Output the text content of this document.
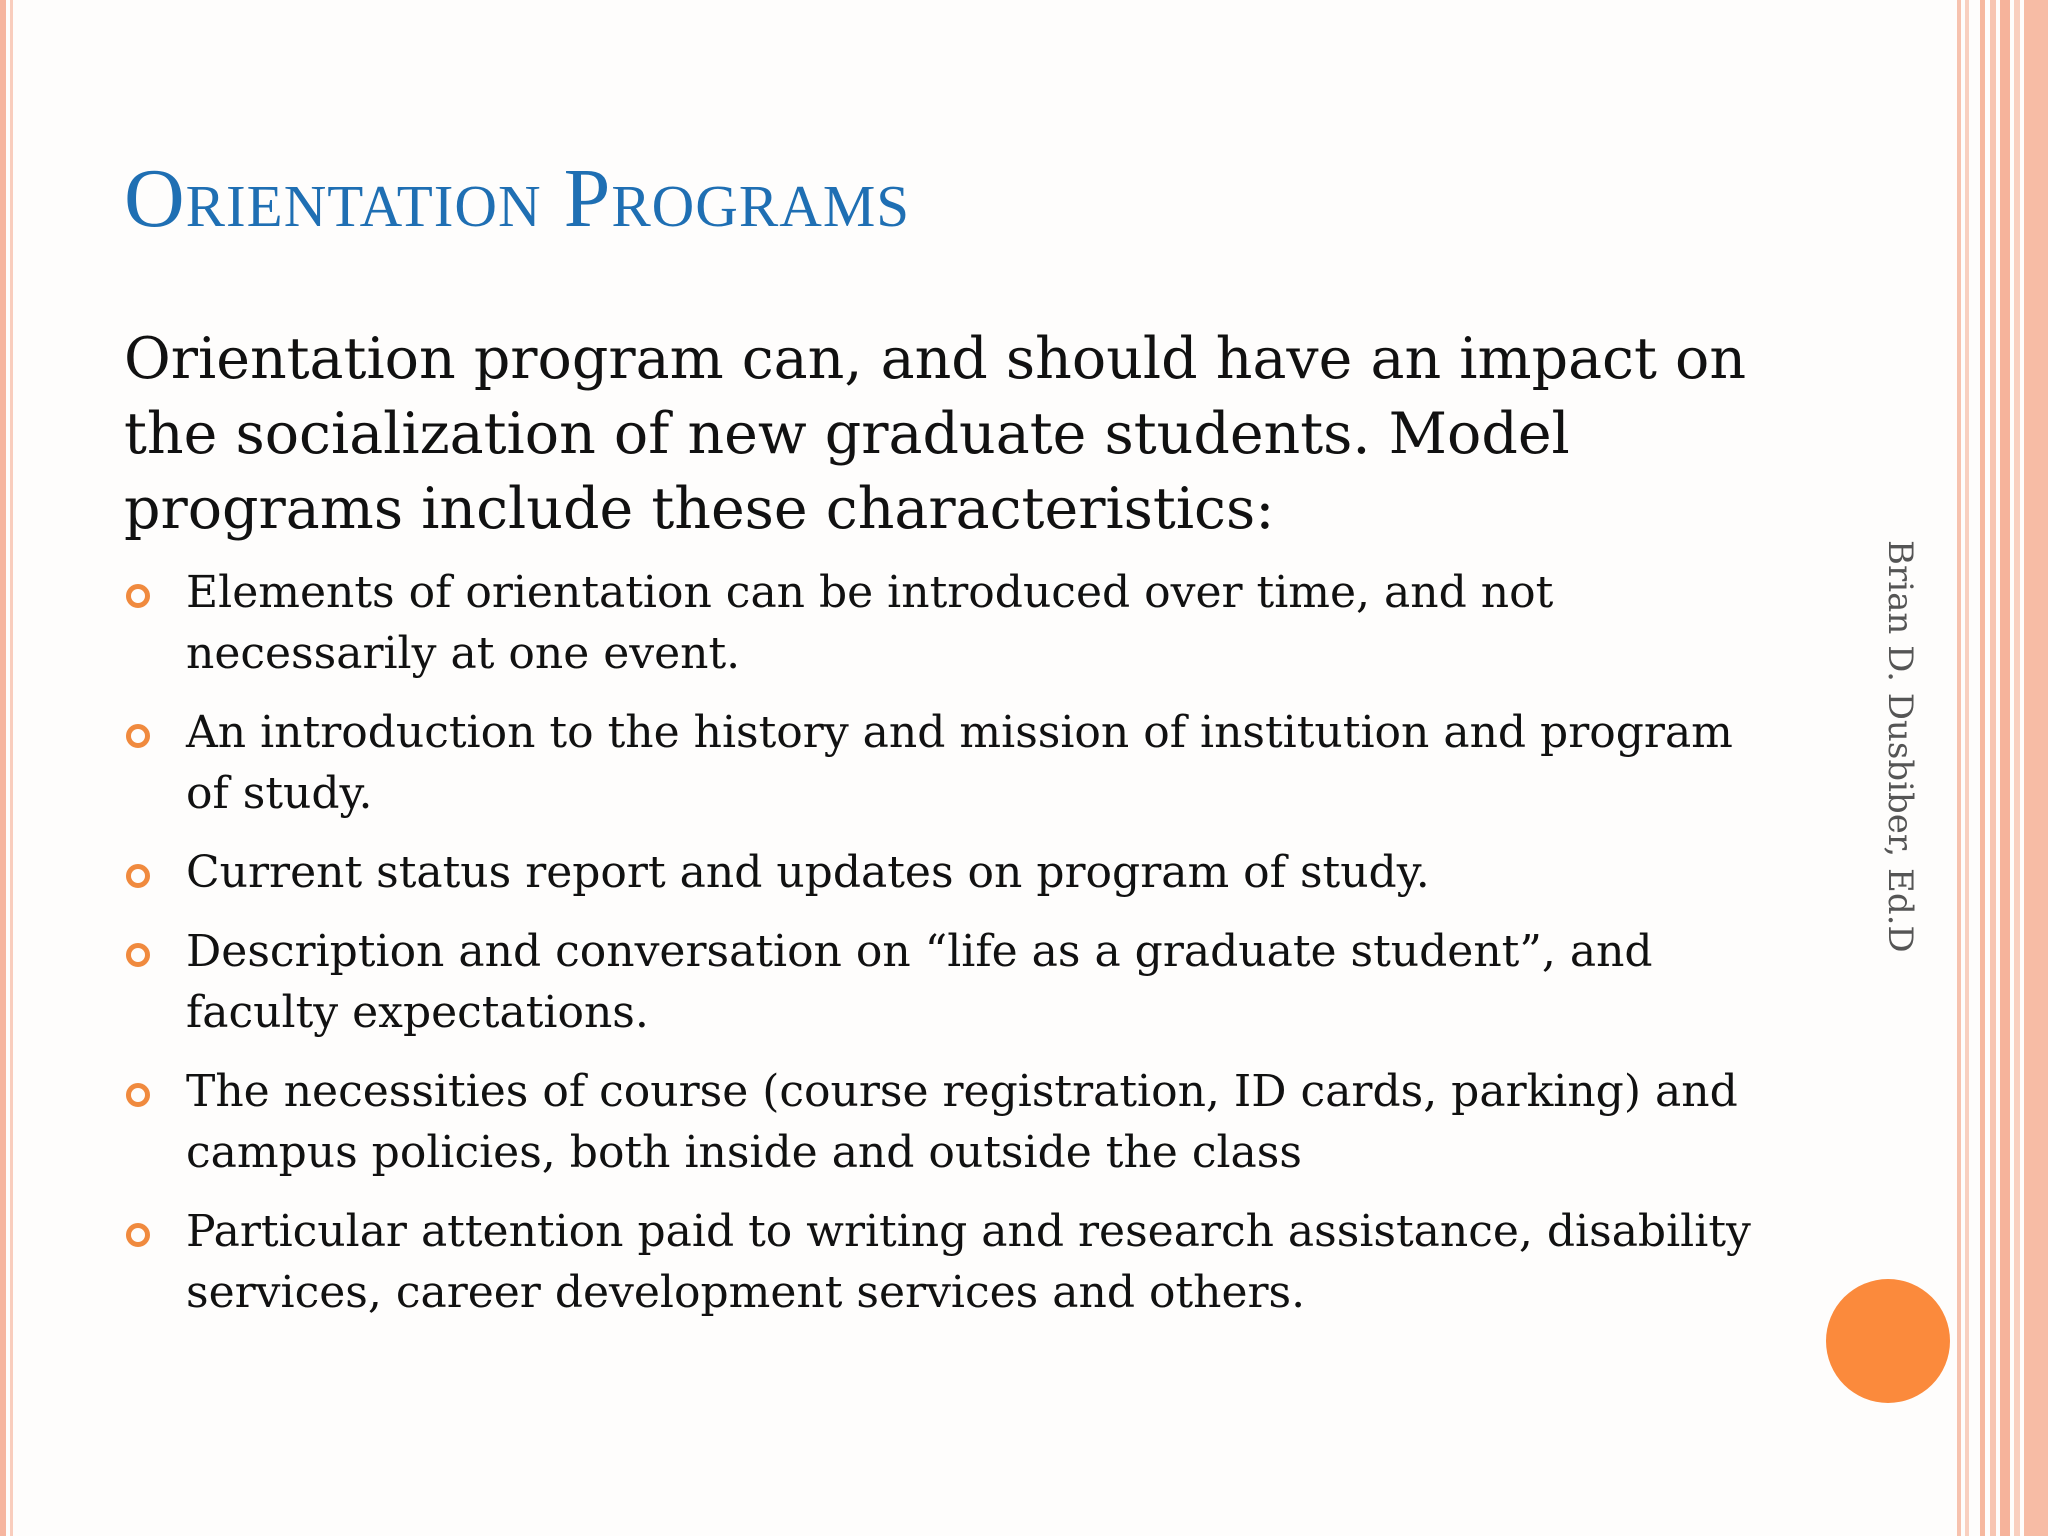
Orientation Programs

Orientation program can, and should have an impact on the socialization of new graduate students. Model programs include these characteristics:

Elements of orientation can be introduced over time, and not necessarily at one event.
An introduction to the history and mission of institution and program of study.
Current status report and updates on program of study.
Description and conversation on “life as a graduate student”, and faculty expectations.
The necessities of course (course registration, ID cards, parking) and campus policies, both inside and outside the class
Particular attention paid to writing and research assistance, disability services, career development services and others.

Brian D. Dusbiber, Ed.D
